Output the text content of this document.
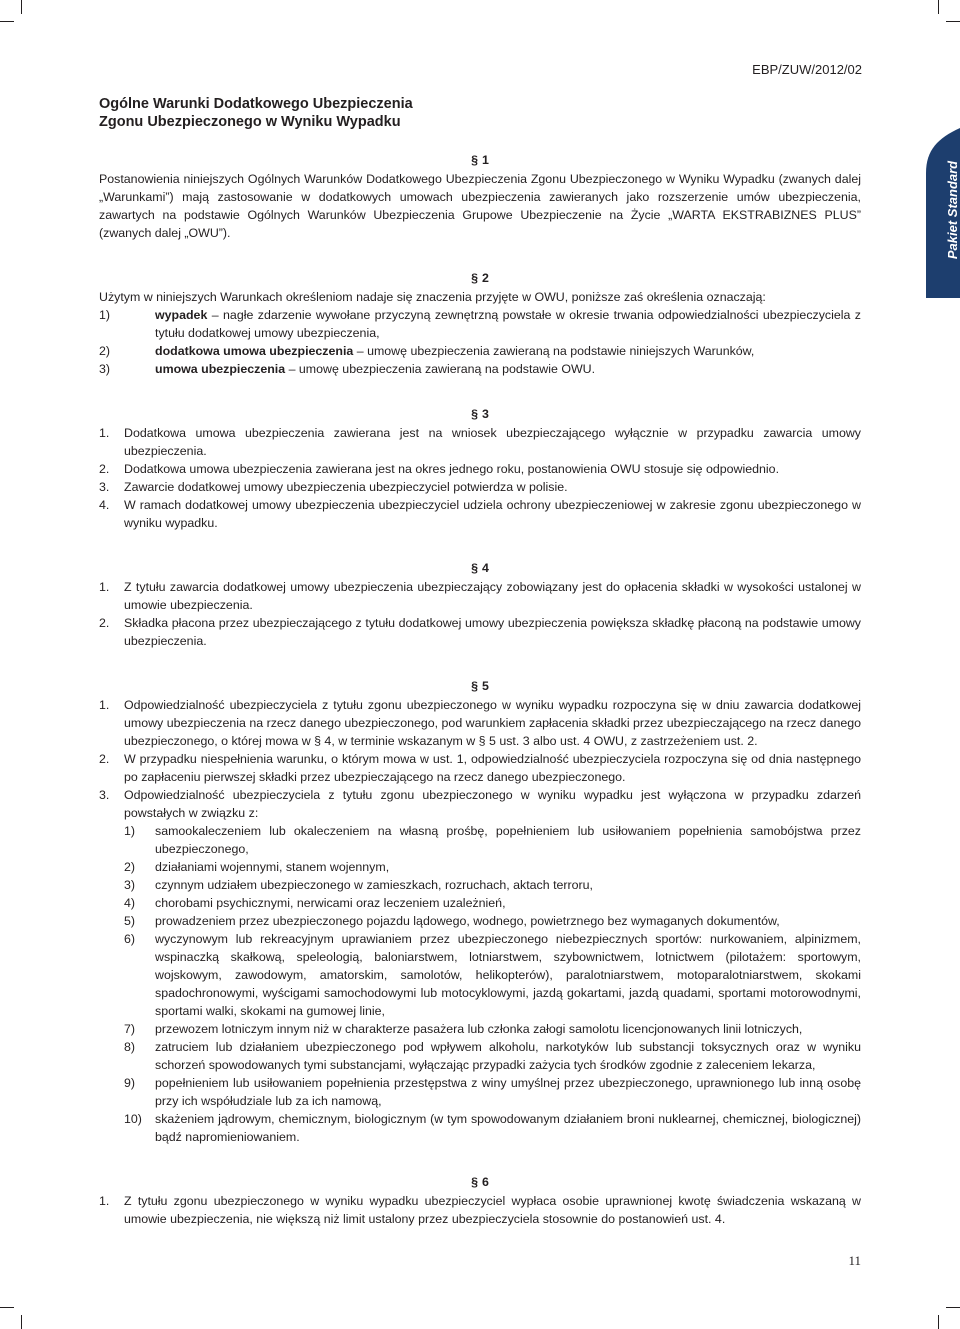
EBP/ZUW/2012/02
Ogólne Warunki Dodatkowego Ubezpieczenia
Zgonu Ubezpieczonego w Wyniku Wypadku
Pakiet Standard
§ 1

Postanowienia niniejszych Ogólnych Warunków Dodatkowego Ubezpieczenia Zgonu Ubezpieczonego w Wyniku Wypadku (zwanych dalej „Warunkami”) mają zastosowanie w dodatkowych umowach ubezpieczenia zawieranych jako rozszerzenie umów ubezpieczenia, zawartych na podstawie Ogólnych Warunków Ubezpieczenia Grupowe Ubezpieczenie na Życie „WARTA EKSTRABIZNES PLUS” (zwanych dalej „OWU”).

§ 2

Użytym w niniejszych Warunkach określeniom nadaje się znaczenia przyjęte w OWU, poniższe zaś określenia oznaczają:

1)	wypadek – nagłe zdarzenie wywołane przyczyną zewnętrzną powstałe w okresie trwania odpowiedzialności ubezpieczyciela z tytułu dodatkowej umowy ubezpieczenia,
2)	dodatkowa umowa ubezpieczenia – umowę ubezpieczenia zawieraną na podstawie niniejszych Warunków,
3)	umowa ubezpieczenia – umowę ubezpieczenia zawieraną na podstawie OWU.
§ 3
1. Dodatkowa umowa ubezpieczenia zawierana jest na wniosek ubezpieczającego wyłącznie w przypadku zawarcia umowy ubezpieczenia.
2. Dodatkowa umowa ubezpieczenia zawierana jest na okres jednego roku, postanowienia OWU stosuje się odpowiednio.
3. Zawarcie dodatkowej umowy ubezpieczenia ubezpieczyciel potwierdza w polisie.
4. W ramach dodatkowej umowy ubezpieczenia ubezpieczyciel udziela ochrony ubezpieczeniowej w zakresie zgonu ubezpieczonego w wyniku wypadku.
§ 4
1. Z tytułu zawarcia dodatkowej umowy ubezpieczenia ubezpieczający zobowiązany jest do opłacenia składki w wysokości ustalonej w umowie ubezpieczenia.
2. Składka płacona przez ubezpieczającego z tytułu dodatkowej umowy ubezpieczenia powiększa składkę płaconą na podstawie umowy ubezpieczenia.
§ 5
1. Odpowiedzialność ubezpieczyciela z tytułu zgonu ubezpieczonego w wyniku wypadku rozpoczyna się w dniu zawarcia dodatkowej umowy ubezpieczenia na rzecz danego ubezpieczonego, pod warunkiem zapłacenia składki przez ubezpieczającego na rzecz danego ubezpieczonego, o której mowa w § 4, w terminie wskazanym w § 5 ust. 3 albo ust. 4 OWU, z zastrzeżeniem ust. 2.
2. W przypadku niespełnienia warunku, o którym mowa w ust. 1, odpowiedzialność ubezpieczyciela rozpoczyna się od dnia następnego po zapłaceniu pierwszej składki przez ubezpieczającego na rzecz danego ubezpieczonego.
3. Odpowiedzialność ubezpieczyciela z tytułu zgonu ubezpieczonego w wyniku wypadku jest wyłączona w przypadku zdarzeń powstałych w związku z:
1) samookaleczeniem lub okaleczeniem na własną prośbę, popełnieniem lub usiłowaniem popełnienia samobójstwa przez ubezpieczonego,
2) działaniami wojennymi, stanem wojennym,
3) czynnym udziałem ubezpieczonego w zamieszkach, rozruchach, aktach terroru,
4) chorobami psychicznymi, nerwicami oraz leczeniem uzależnień,
5) prowadzeniem przez ubezpieczonego pojazdu lądowego, wodnego, powietrznego bez wymaganych dokumentów,
6) wyczynowym lub rekreacyjnym uprawianiem przez ubezpieczonego niebezpiecznych sportów: nurkowaniem, alpinizmem, wspinaczką skałkową, speleologią, baloniarstwem, lotniarstwem, szybownictwem, lotnictwem (pilotażem: sportowym, wojskowym, zawodowym, amatorskim, samolotów, helikopterów), paralotniarstwem, motoparalotniarstwem, skokami spadochronowymi, wyścigami samochodowymi lub motocyklowymi, jazdą gokartami, jazdą quadami, sportami motorowodnymi, sportami walki, skokami na gumowej linie,
7) przewozem lotniczym innym niż w charakterze pasażera lub członka załogi samolotu licencjonowanych linii lotniczych,
8) zatruciem lub działaniem ubezpieczonego pod wpływem alkoholu, narkotyków lub substancji toksycznych oraz w wyniku schorzeń spowodowanych tymi substancjami, wyłączając przypadki zażycia tych środków zgodnie z zaleceniem lekarza,
9) popełnieniem lub usiłowaniem popełnienia przestępstwa z winy umyślnej przez ubezpieczonego, uprawnionego lub inną osobę przy ich współudziale lub za ich namową,
10) skażeniem jądrowym, chemicznym, biologicznym (w tym spowodowanym działaniem broni nuklearnej, chemicznej, biologicznej) bądź napromieniowaniem.
§ 6
1. Z tytułu zgonu ubezpieczonego w wyniku wypadku ubezpieczyciel wypłaca osobie uprawnionej kwotę świadczenia wskazaną w umowie ubezpieczenia, nie większą niż limit ustalony przez ubezpieczyciela stosownie do postanowień ust. 4.
11
